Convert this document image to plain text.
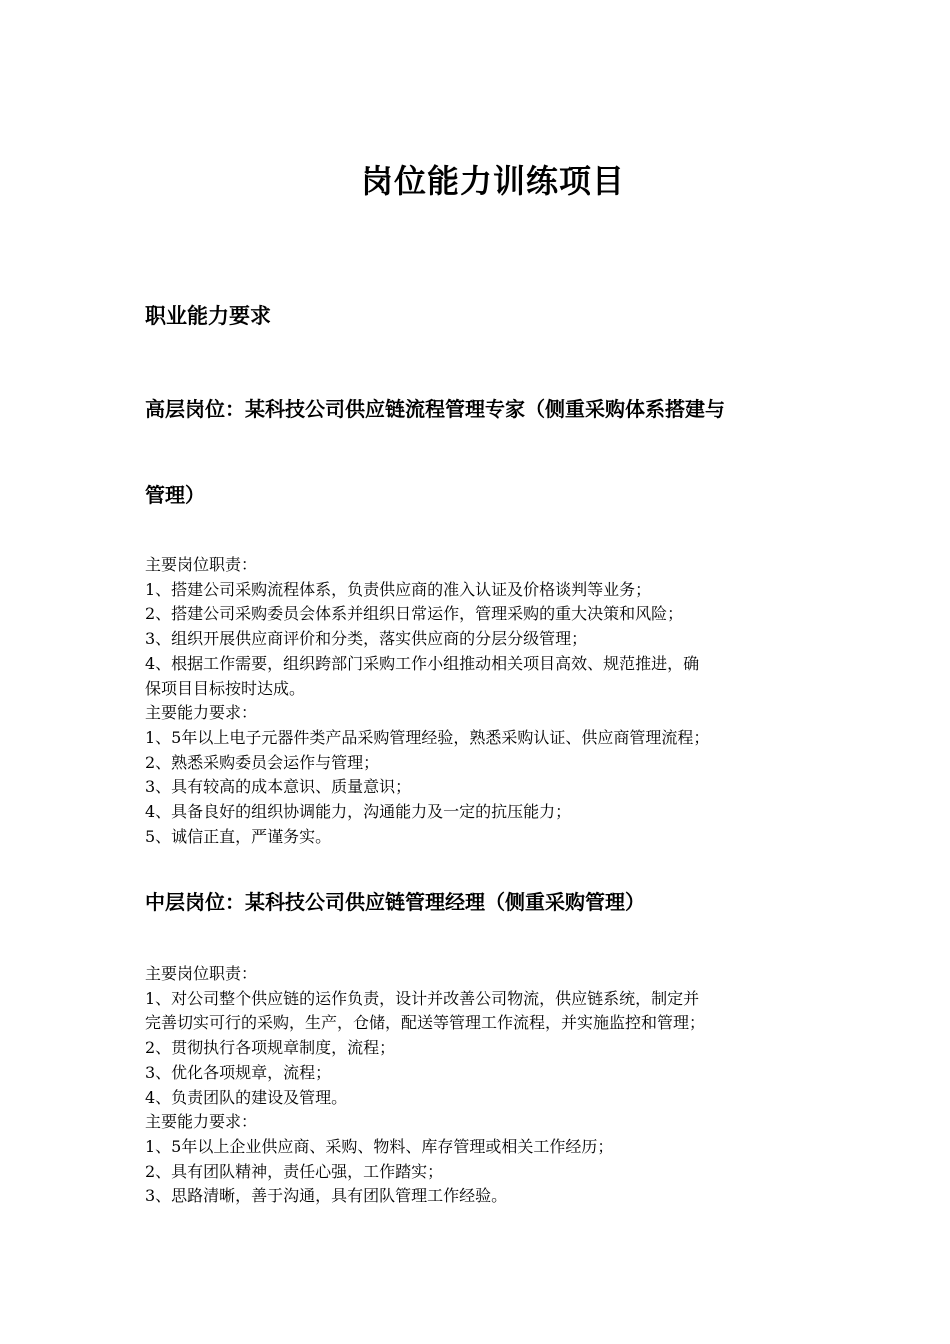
岗位能力训练项目
职业能力要求
高层岗位：某科技公司供应链流程管理专家（侧重采购体系搭建与
管理）
主要岗位职责：
1、搭建公司采购流程体系，负责供应商的准入认证及价格谈判等业务；
2、搭建公司采购委员会体系并组织日常运作，管理采购的重大决策和风险；
3、组织开展供应商评价和分类，落实供应商的分层分级管理；
4、根据工作需要，组织跨部门采购工作小组推动相关项目高效、规范推进，确
保项目目标按时达成。
主要能力要求：
1、5年以上电子元器件类产品采购管理经验，熟悉采购认证、供应商管理流程；
2、熟悉采购委员会运作与管理；
3、具有较高的成本意识、质量意识；
4、具备良好的组织协调能力，沟通能力及一定的抗压能力；
5、诚信正直，严谨务实。
中层岗位：某科技公司供应链管理经理（侧重采购管理）
主要岗位职责：
1、对公司整个供应链的运作负责，设计并改善公司物流，供应链系统，制定并
完善切实可行的采购，生产，仓储，配送等管理工作流程，并实施监控和管理；
2、贯彻执行各项规章制度，流程；
3、优化各项规章，流程；
4、负责团队的建设及管理。
主要能力要求：
1、5年以上企业供应商、采购、物料、库存管理或相关工作经历；
2、具有团队精神，责任心强，工作踏实；
3、思路清晰，善于沟通，具有团队管理工作经验。
